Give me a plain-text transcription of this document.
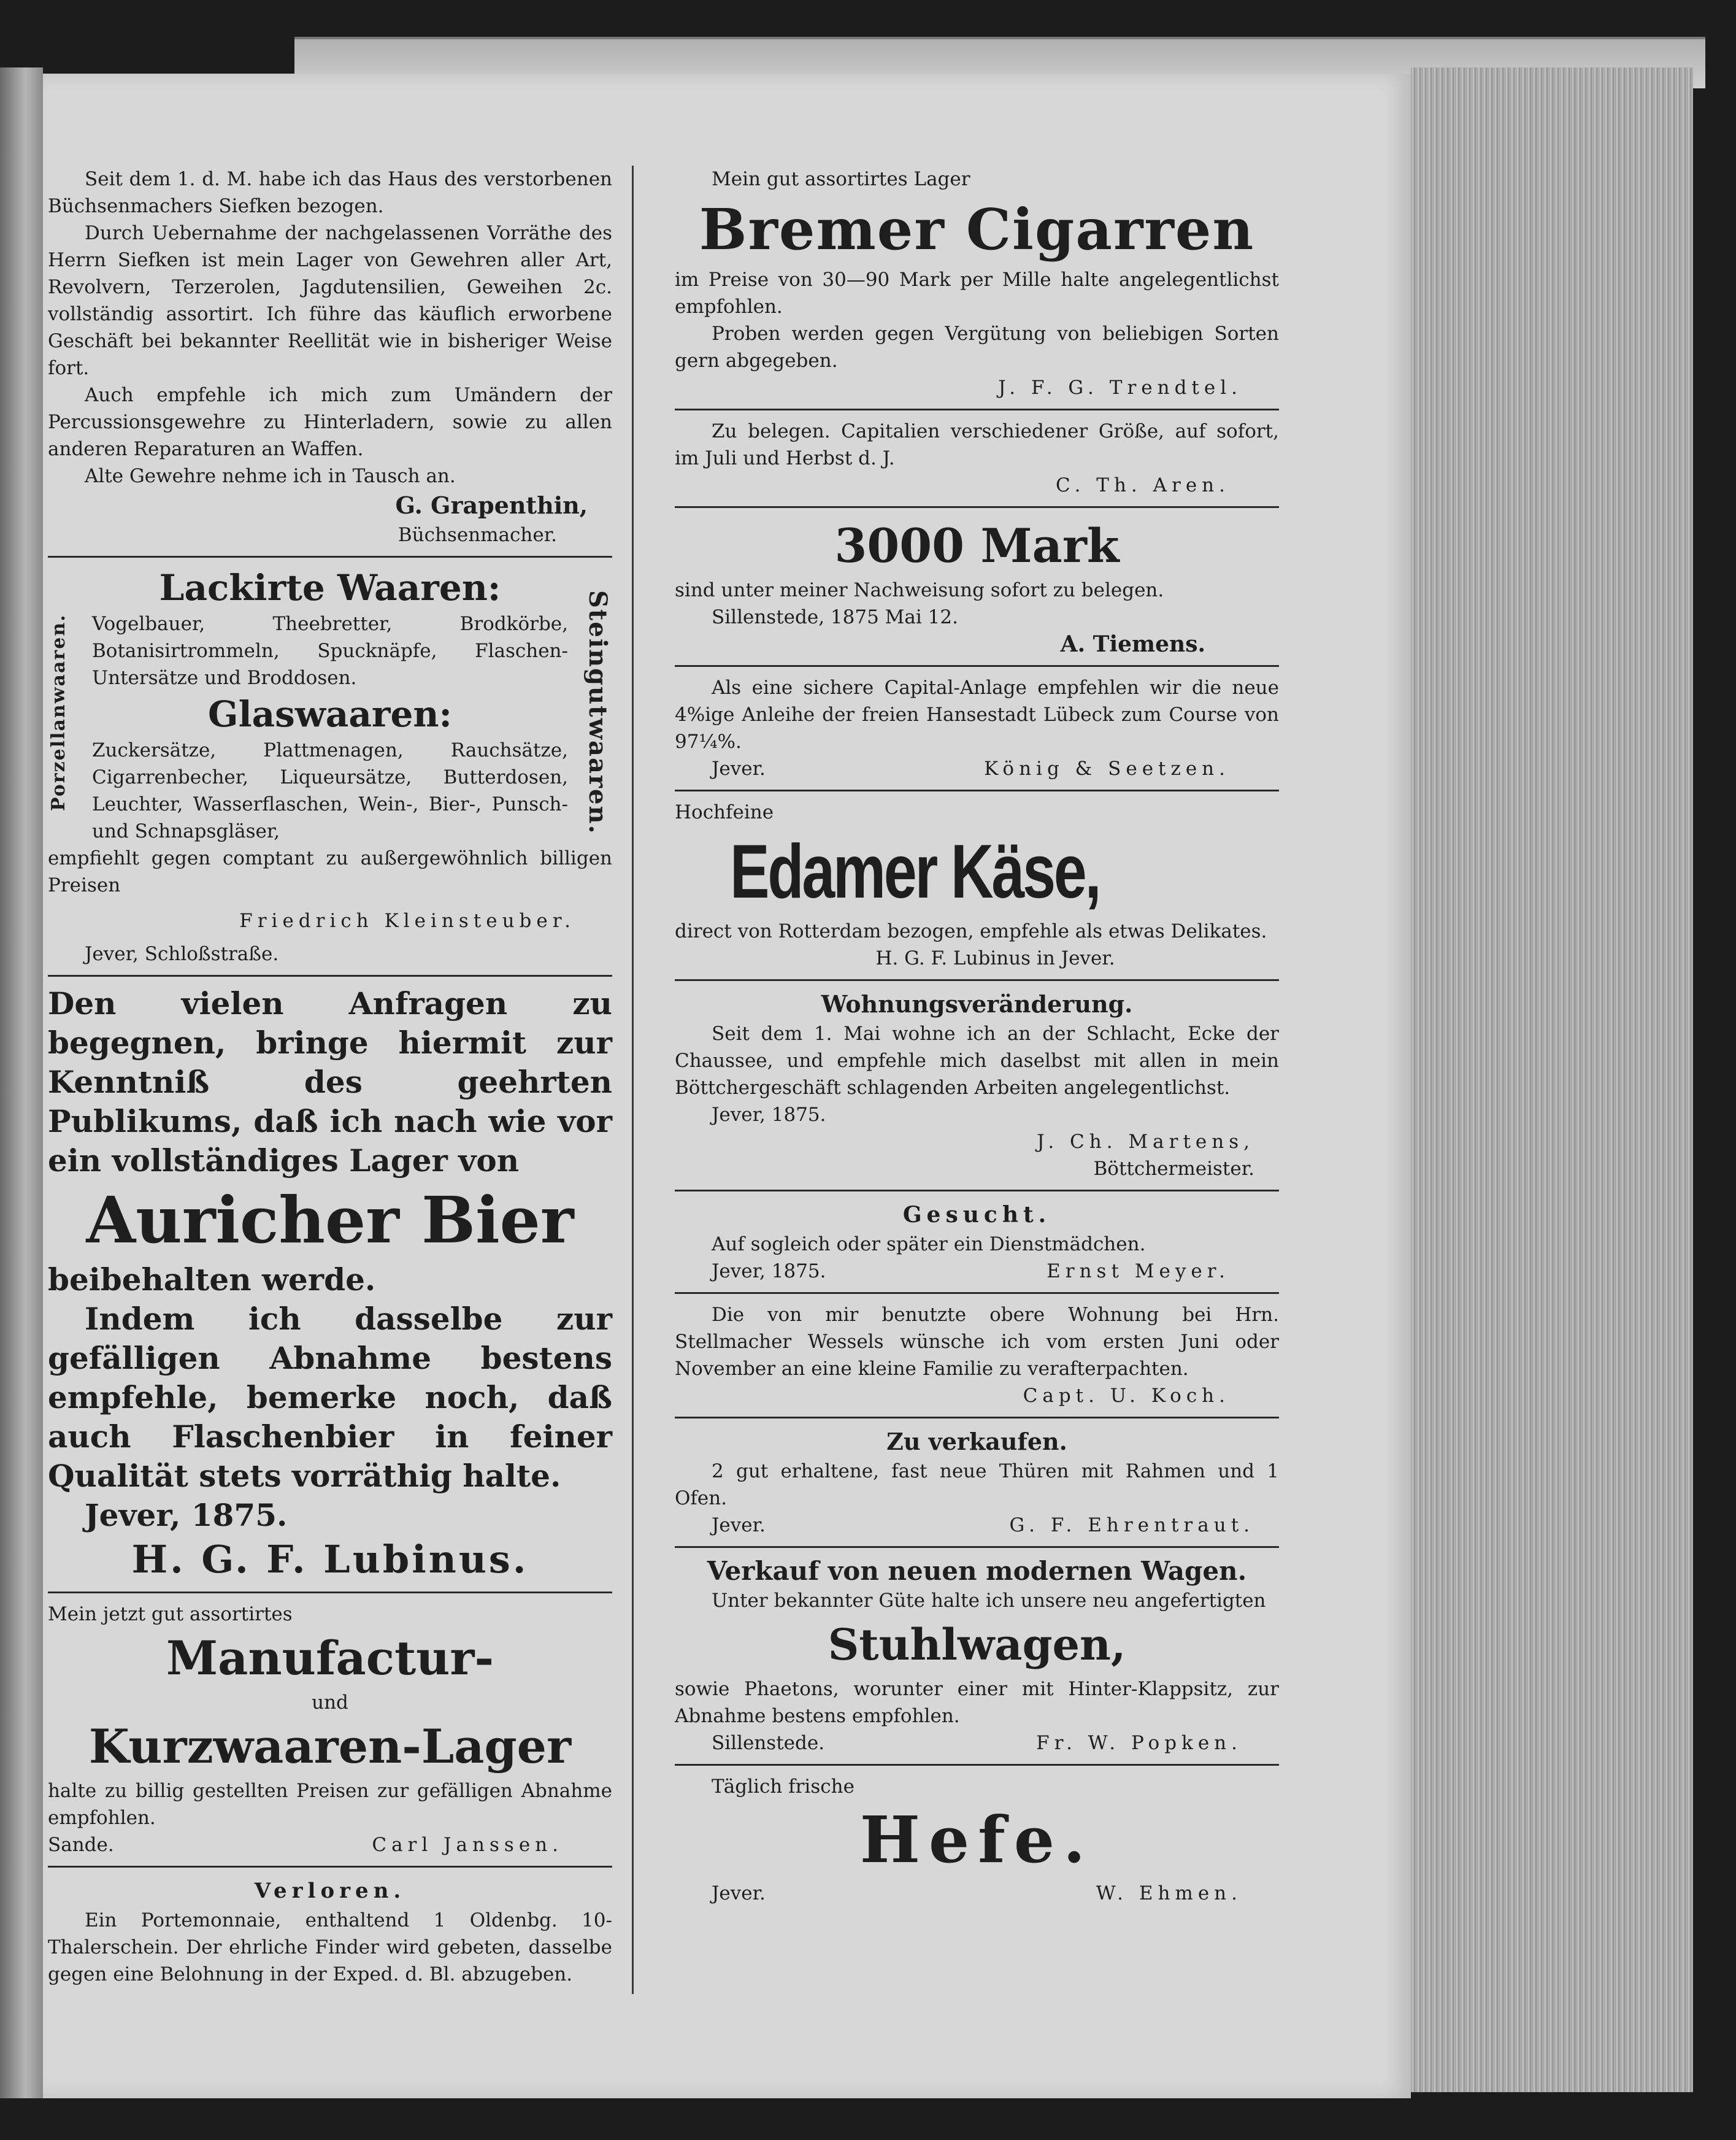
Seit dem 1. d. M. habe ich das Haus des verstorbenen Büchsenmachers Siefken bezogen.

Durch Uebernahme der nachgelassenen Vorräthe des Herrn Siefken ist mein Lager von Gewehren aller Art, Revolvern, Terzerolen, Jagdutensilien, Geweihen 2c. vollständig assortirt. Ich führe das käuflich erworbene Geschäft bei bekannter Reellität wie in bisheriger Weise fort.

Auch empfehle ich mich zum Umändern der Percussionsgewehre zu Hinterladern, sowie zu allen anderen Reparaturen an Waffen.

Alte Gewehre nehme ich in Tausch an.

G. Grapenthin,

Büchsenmacher.

Porzellanwaaren.	Steingutwaaren.
Lackirte Waaren:

Vogelbauer, Theebretter, Brodkörbe, Botanisirtrommeln, Spucknäpfe, Flaschen-Untersätze und Broddosen.

Glaswaaren:

Zuckersätze, Plattmenagen, Rauchsätze, Cigarrenbecher, Liqueursätze, Butterdosen, Leuchter, Wasserflaschen, Wein-, Bier-, Punsch- und Schnapsgläser,

empfiehlt gegen comptant zu außergewöhnlich billigen Preisen

Friedrich Kleinsteuber.

Jever, Schloßstraße.

Den vielen Anfragen zu begegnen, bringe hiermit zur Kenntniß des geehrten Publikums, daß ich nach wie vor ein vollständiges Lager von

Auricher Bier

beibehalten werde.

Indem ich dasselbe zur gefälligen Abnahme bestens empfehle, bemerke noch, daß auch Flaschenbier in feiner Qualität stets vorräthig halte.

Jever, 1875.

H. G. F. Lubinus.

Mein jetzt gut assortirtes

Manufactur-

und

Kurzwaaren-Lager

halte zu billig gestellten Preisen zur gefälligen Abnahme empfohlen.

Sande.	Carl Janssen.

Verloren.

Ein Portemonnaie, enthaltend 1 Oldenbg. 10-Thalerschein. Der ehrliche Finder wird gebeten, dasselbe gegen eine Belohnung in der Exped. d. Bl. abzugeben.

Mein gut assortirtes Lager

Bremer Cigarren

im Preise von 30—90 Mark per Mille halte angelegentlichst empfohlen.

Proben werden gegen Vergütung von beliebigen Sorten gern abgegeben.

J. F. G. Trendtel.

Zu belegen. Capitalien verschiedener Größe, auf sofort, im Juli und Herbst d. J.

C. Th. Aren.

3000 Mark

sind unter meiner Nachweisung sofort zu belegen.

Sillenstede, 1875 Mai 12.

A. Tiemens.

Als eine sichere Capital-Anlage empfehlen wir die neue 4%ige Anleihe der freien Hansestadt Lübeck zum Course von 97¼%.

Jever.	König & Seetzen.

Hochfeine

Edamer Käse,

direct von Rotterdam bezogen, empfehle als etwas Delikates.

H. G. F. Lubinus in Jever.

Wohnungsveränderung.

Seit dem 1. Mai wohne ich an der Schlacht, Ecke der Chaussee, und empfehle mich daselbst mit allen in mein Böttchergeschäft schlagenden Arbeiten angelegentlichst.

Jever, 1875.

J. Ch. Martens,

Böttchermeister.

Gesucht.

Auf sogleich oder später ein Dienstmädchen.

Jever, 1875.	Ernst Meyer.

Die von mir benutzte obere Wohnung bei Hrn. Stellmacher Wessels wünsche ich vom ersten Juni oder November an eine kleine Familie zu verafterpachten.

Capt. U. Koch.

Zu verkaufen.

2 gut erhaltene, fast neue Thüren mit Rahmen und 1 Ofen.

Jever.	G. F. Ehrentraut.

Verkauf von neuen modernen Wagen.

Unter bekannter Güte halte ich unsere neu angefertigten

Stuhlwagen,

sowie Phaetons, worunter einer mit Hinter-Klappsitz, zur Abnahme bestens empfohlen.

Sillenstede.	Fr. W. Popken.

Täglich frische

Hefe.

Jever.	W. Ehmen.
